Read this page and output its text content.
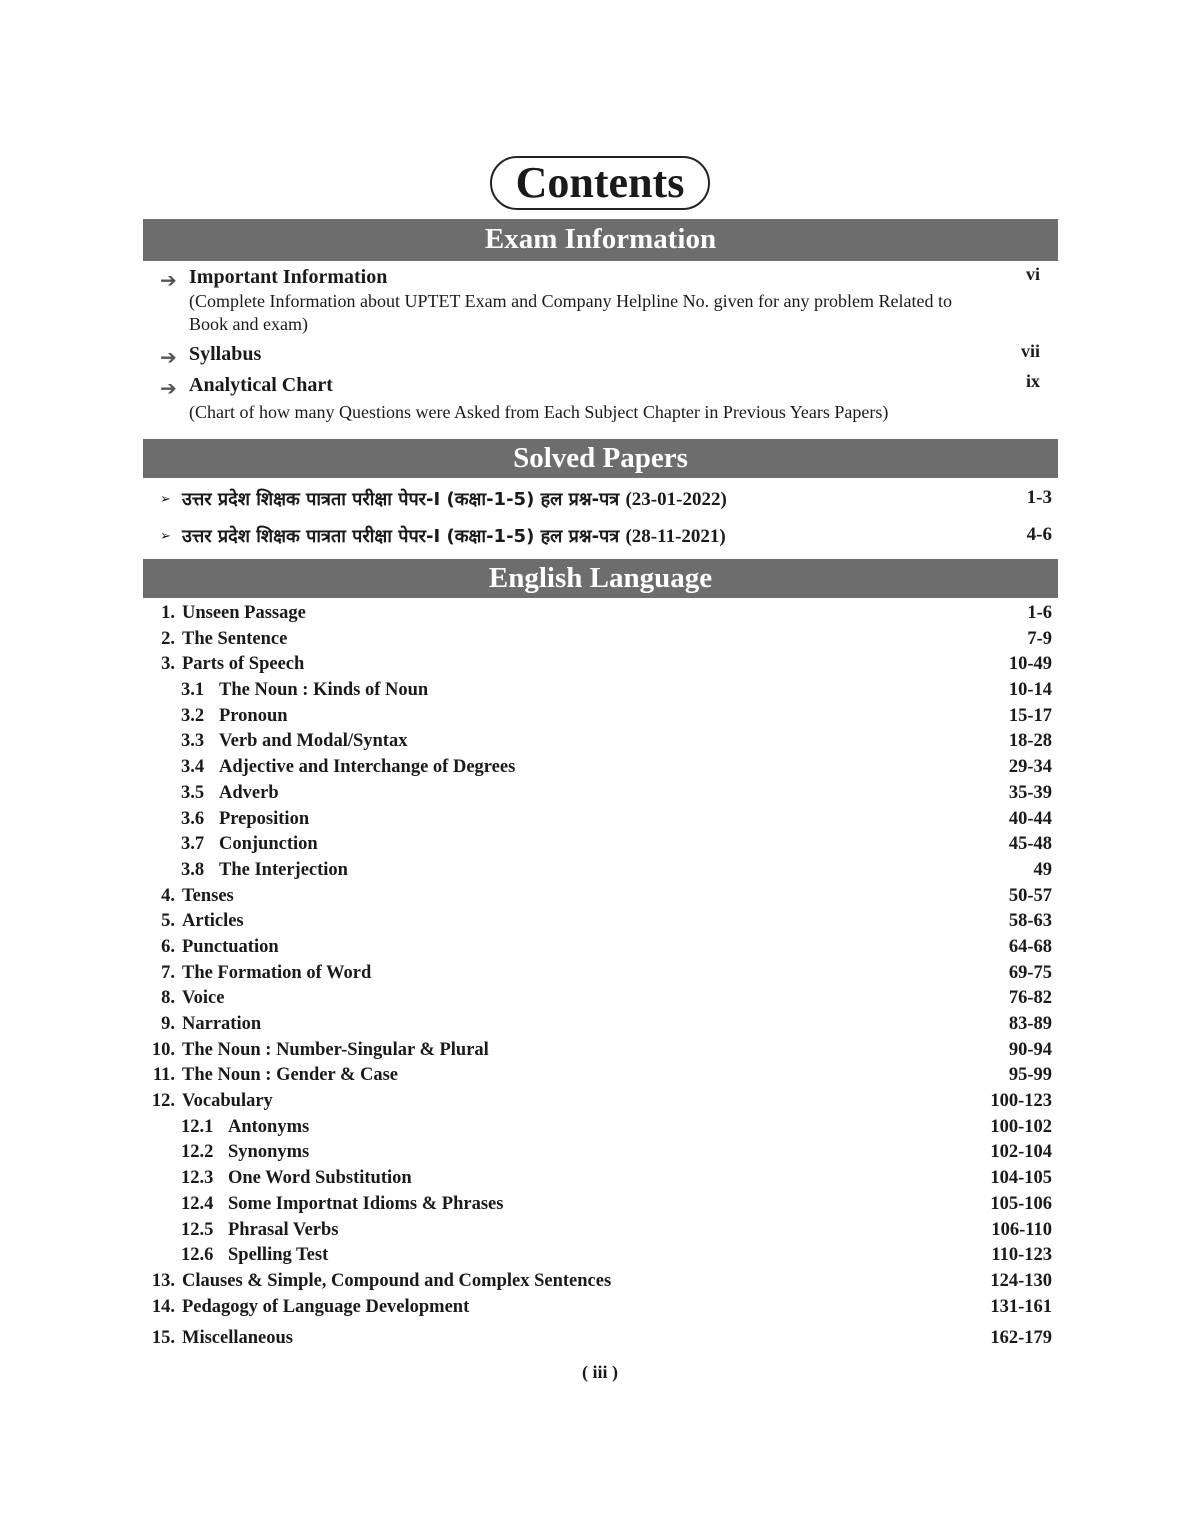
Contents
Exam Information
➔ Important Information	vi
(Complete Information about UPTET Exam and Company Helpline No. given for any problem Related to Book and exam)
➔ Syllabus	vii
➔ Analytical Chart	ix
(Chart of how many Questions were Asked from Each Subject Chapter in Previous Years Papers)
Solved Papers
➢ उत्तर प्रदेश शिक्षक पात्रता परीक्षा पेपर-I (कक्षा-1-5) हल प्रश्न-पत्र (23-01-2022)	1-3
➢ उत्तर प्रदेश शिक्षक पात्रता परीक्षा पेपर-I (कक्षा-1-5) हल प्रश्न-पत्र (28-11-2021)	4-6
English Language
1. Unseen Passage	1-6
2. The Sentence	7-9
3. Parts of Speech	10-49
3.1 The Noun : Kinds of Noun	10-14
3.2 Pronoun	15-17
3.3 Verb and Modal/Syntax	18-28
3.4 Adjective and Interchange of Degrees	29-34
3.5 Adverb	35-39
3.6 Preposition	40-44
3.7 Conjunction	45-48
3.8 The Interjection	49
4. Tenses	50-57
5. Articles	58-63
6. Punctuation	64-68
7. The Formation of Word	69-75
8. Voice	76-82
9. Narration	83-89
10. The Noun : Number-Singular & Plural	90-94
11. The Noun : Gender & Case	95-99
12. Vocabulary	100-123
12.1 Antonyms	100-102
12.2 Synonyms	102-104
12.3 One Word Substitution	104-105
12.4 Some Importnat Idioms & Phrases	105-106
12.5 Phrasal Verbs	106-110
12.6 Spelling Test	110-123
13. Clauses & Simple, Compound and Complex Sentences	124-130
14. Pedagogy of Language Development	131-161
15. Miscellaneous	162-179
( iii )
